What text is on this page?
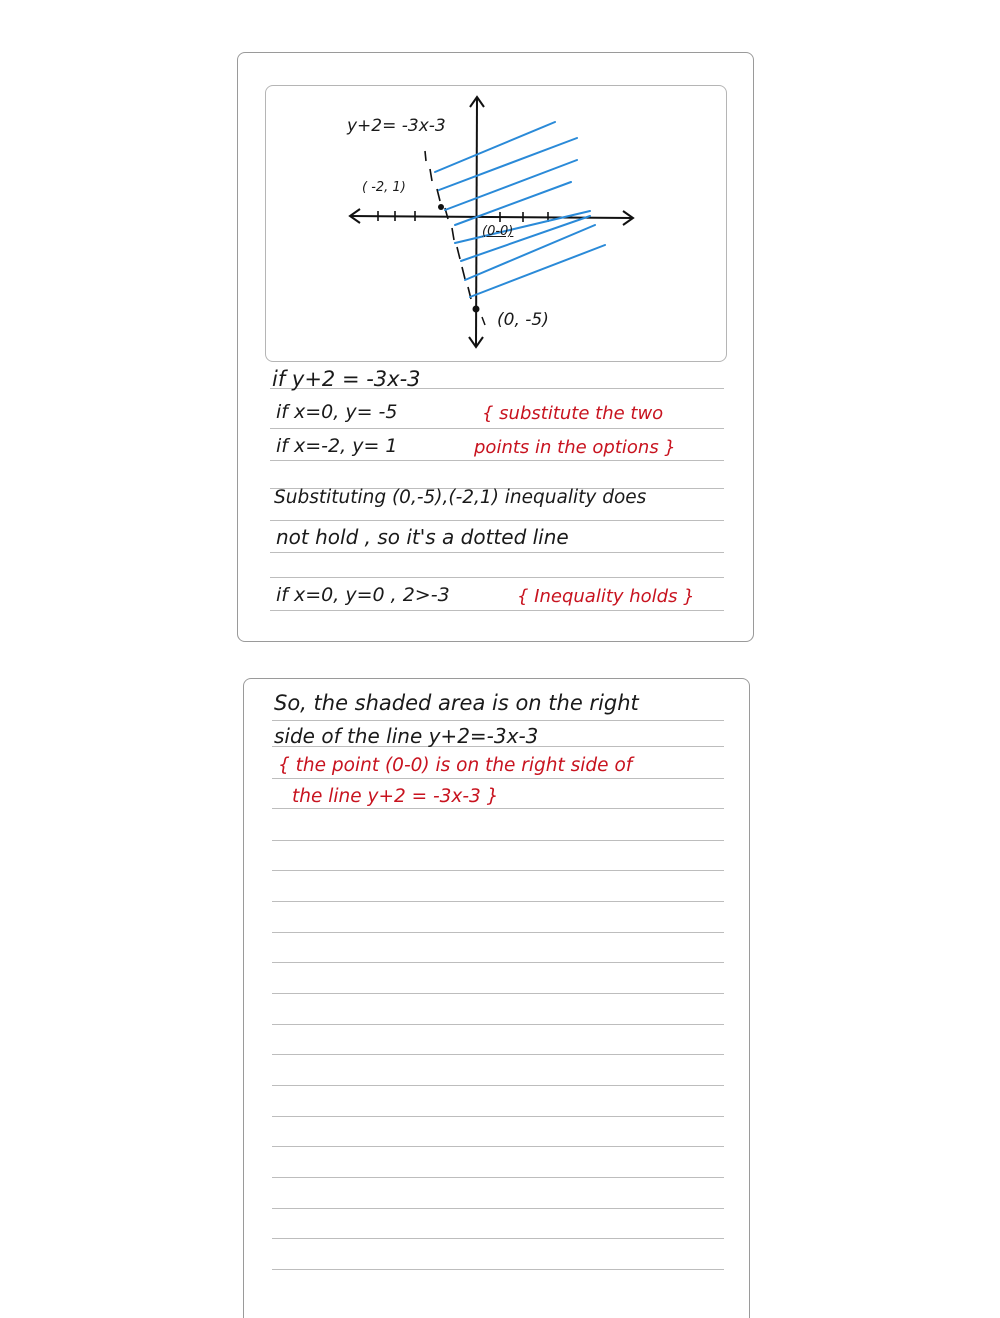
y+2= -3x-3
( -2, 1)
(0-0)
(0, -5)
if y+2 = -3x-3
if x=0, y= -5	{ substitute the two
if x=-2, y= 1	points in the options }
Substituting (0,-5),(-2,1) inequality does
not hold , so it's a dotted line
if x=0, y=0 , 2>-3	{ Inequality holds }
So, the shaded area is on the right
side of the line y+2=-3x-3
{ the point (0-0) is on the right side of
the line y+2 = -3x-3 }
